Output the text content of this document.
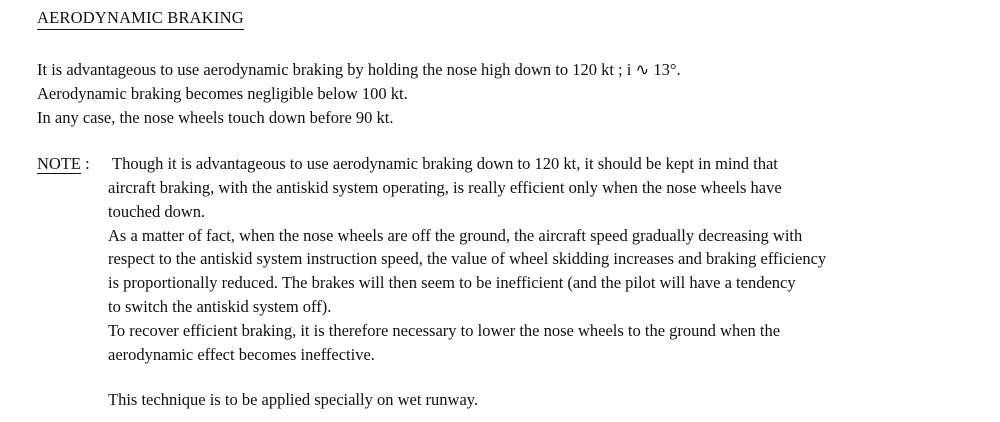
AERODYNAMIC BRAKING
It is advantageous to use aerodynamic braking by holding the nose high down to 120 kt ; i ∿ 13°.
Aerodynamic braking becomes negligible below 100 kt.
In any case, the nose wheels touch down before 90 kt.
NOTE : Though it is advantageous to use aerodynamic braking down to 120 kt, it should be kept in mind that
aircraft braking, with the antiskid system operating, is really efficient only when the nose wheels have
touched down.
As a matter of fact, when the nose wheels are off the ground, the aircraft speed gradually decreasing with
respect to the antiskid system instruction speed, the value of wheel skidding increases and braking efficiency
is proportionally reduced. The brakes will then seem to be inefficient (and the pilot will have a tendency
to switch the antiskid system off).
To recover efficient braking, it is therefore necessary to lower the nose wheels to the ground when the
aerodynamic effect becomes ineffective.
This technique is to be applied specially on wet runway.
